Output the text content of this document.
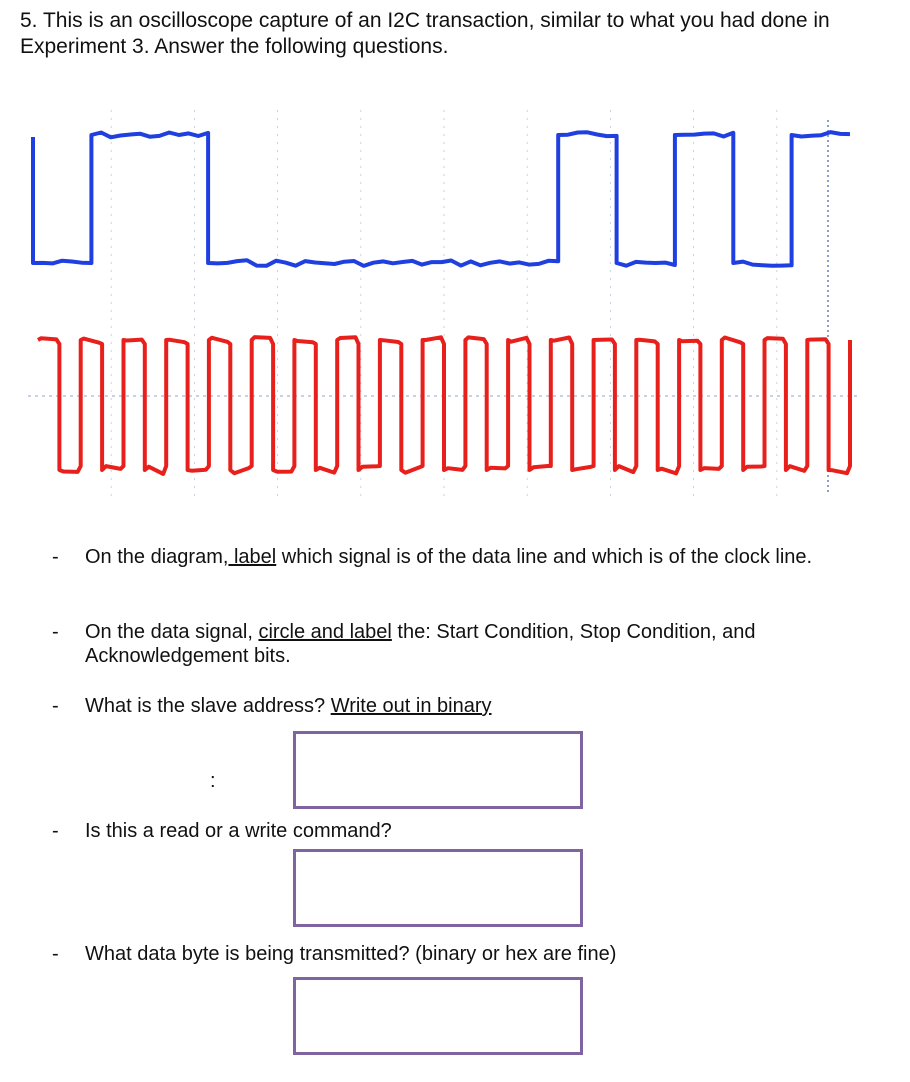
5. This is an oscilloscope capture of an I2C transaction, similar to what you had done in Experiment 3. Answer the following questions.

- On the diagram, label which signal is of the data line and which is of the clock line.
- On the data signal, circle and label the: Start Condition, Stop Condition, and Acknowledgement bits.
- What is the slave address? Write out in binary
:
- Is this a read or a write command?
- What data byte is being transmitted? (binary or hex are fine)
